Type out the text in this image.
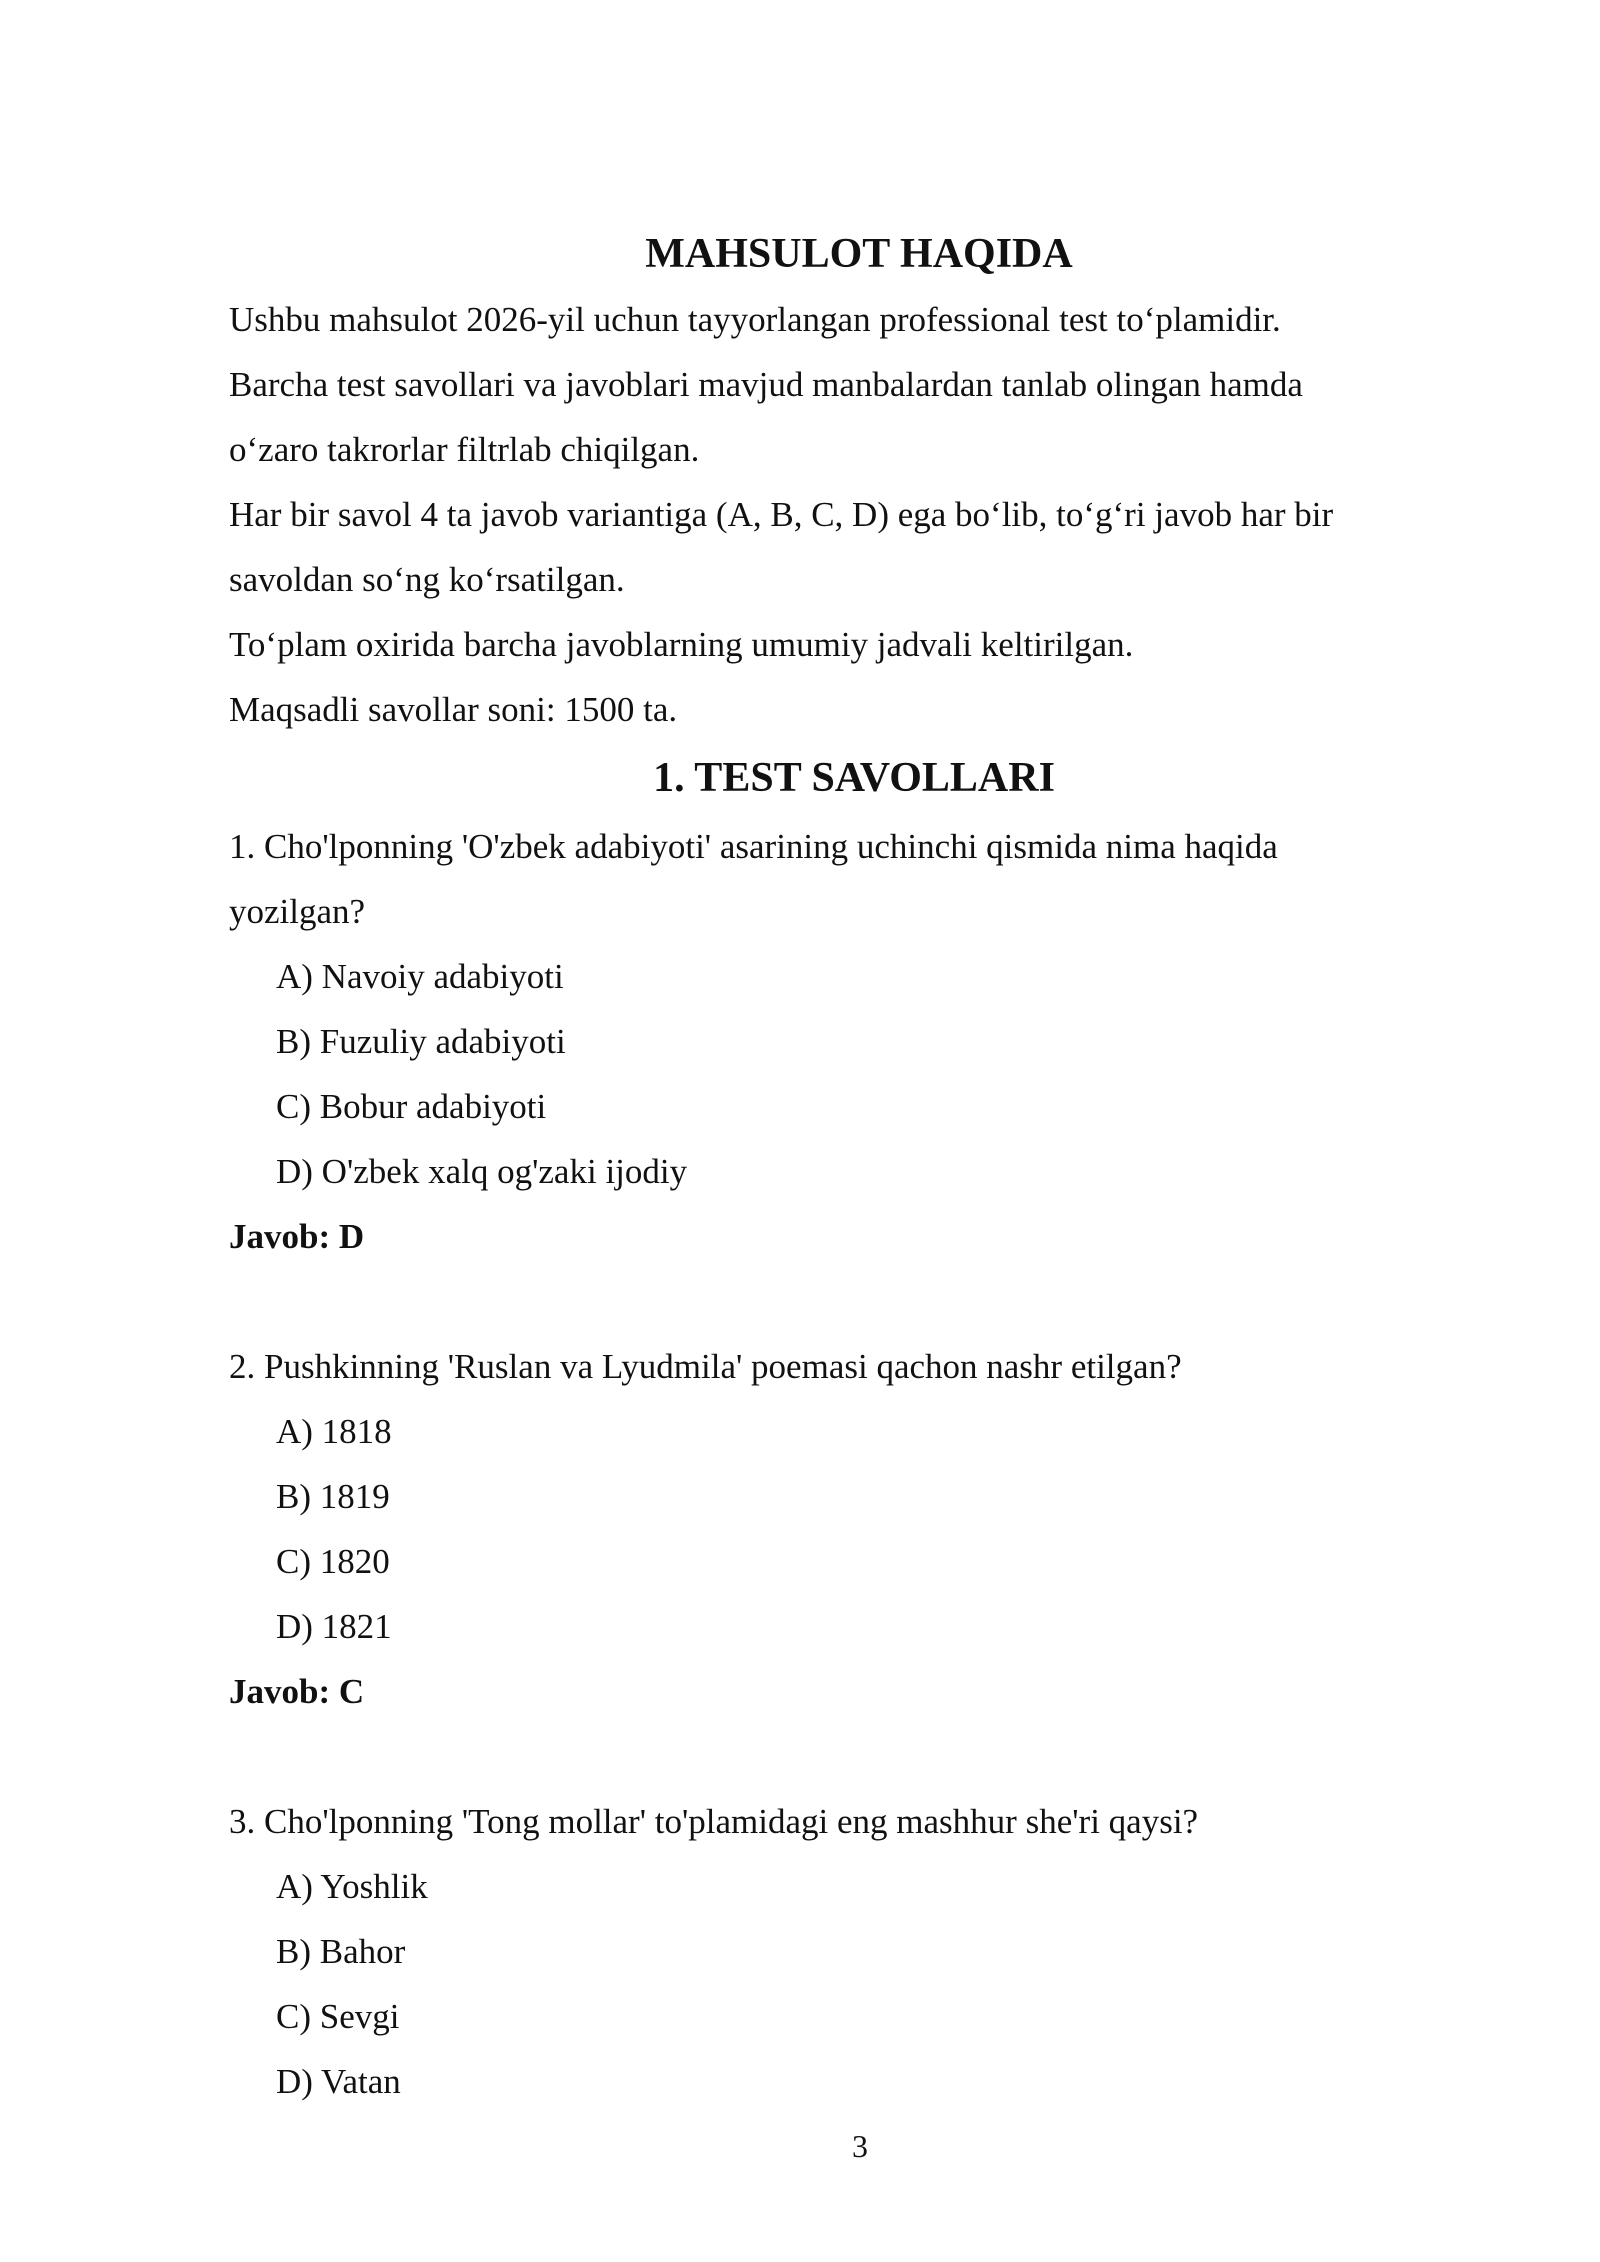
MAHSULOT HAQIDA

Ushbu mahsulot 2026-yil uchun tayyorlangan professional test to‘plamidir.

Barcha test savollari va javoblari mavjud manbalardan tanlab olingan hamda

o‘zaro takrorlar filtrlab chiqilgan.

Har bir savol 4 ta javob variantiga (A, B, C, D) ega bo‘lib, to‘g‘ri javob har bir

savoldan so‘ng ko‘rsatilgan.

To‘plam oxirida barcha javoblarning umumiy jadvali keltirilgan.

Maqsadli savollar soni: 1500 ta.

1. TEST SAVOLLARI

1. Cho'lponning 'O'zbek adabiyoti' asarining uchinchi qismida nima haqida

yozilgan?

A) Navoiy adabiyoti

B) Fuzuliy adabiyoti

C) Bobur adabiyoti

D) O'zbek xalq og'zaki ijodiy

Javob: D

2. Pushkinning 'Ruslan va Lyudmila' poemasi qachon nashr etilgan?

A) 1818

B) 1819

C) 1820

D) 1821

Javob: C

3. Cho'lponning 'Tong mollar' to'plamidagi eng mashhur she'ri qaysi?

A) Yoshlik

B) Bahor

C) Sevgi

D) Vatan

3
